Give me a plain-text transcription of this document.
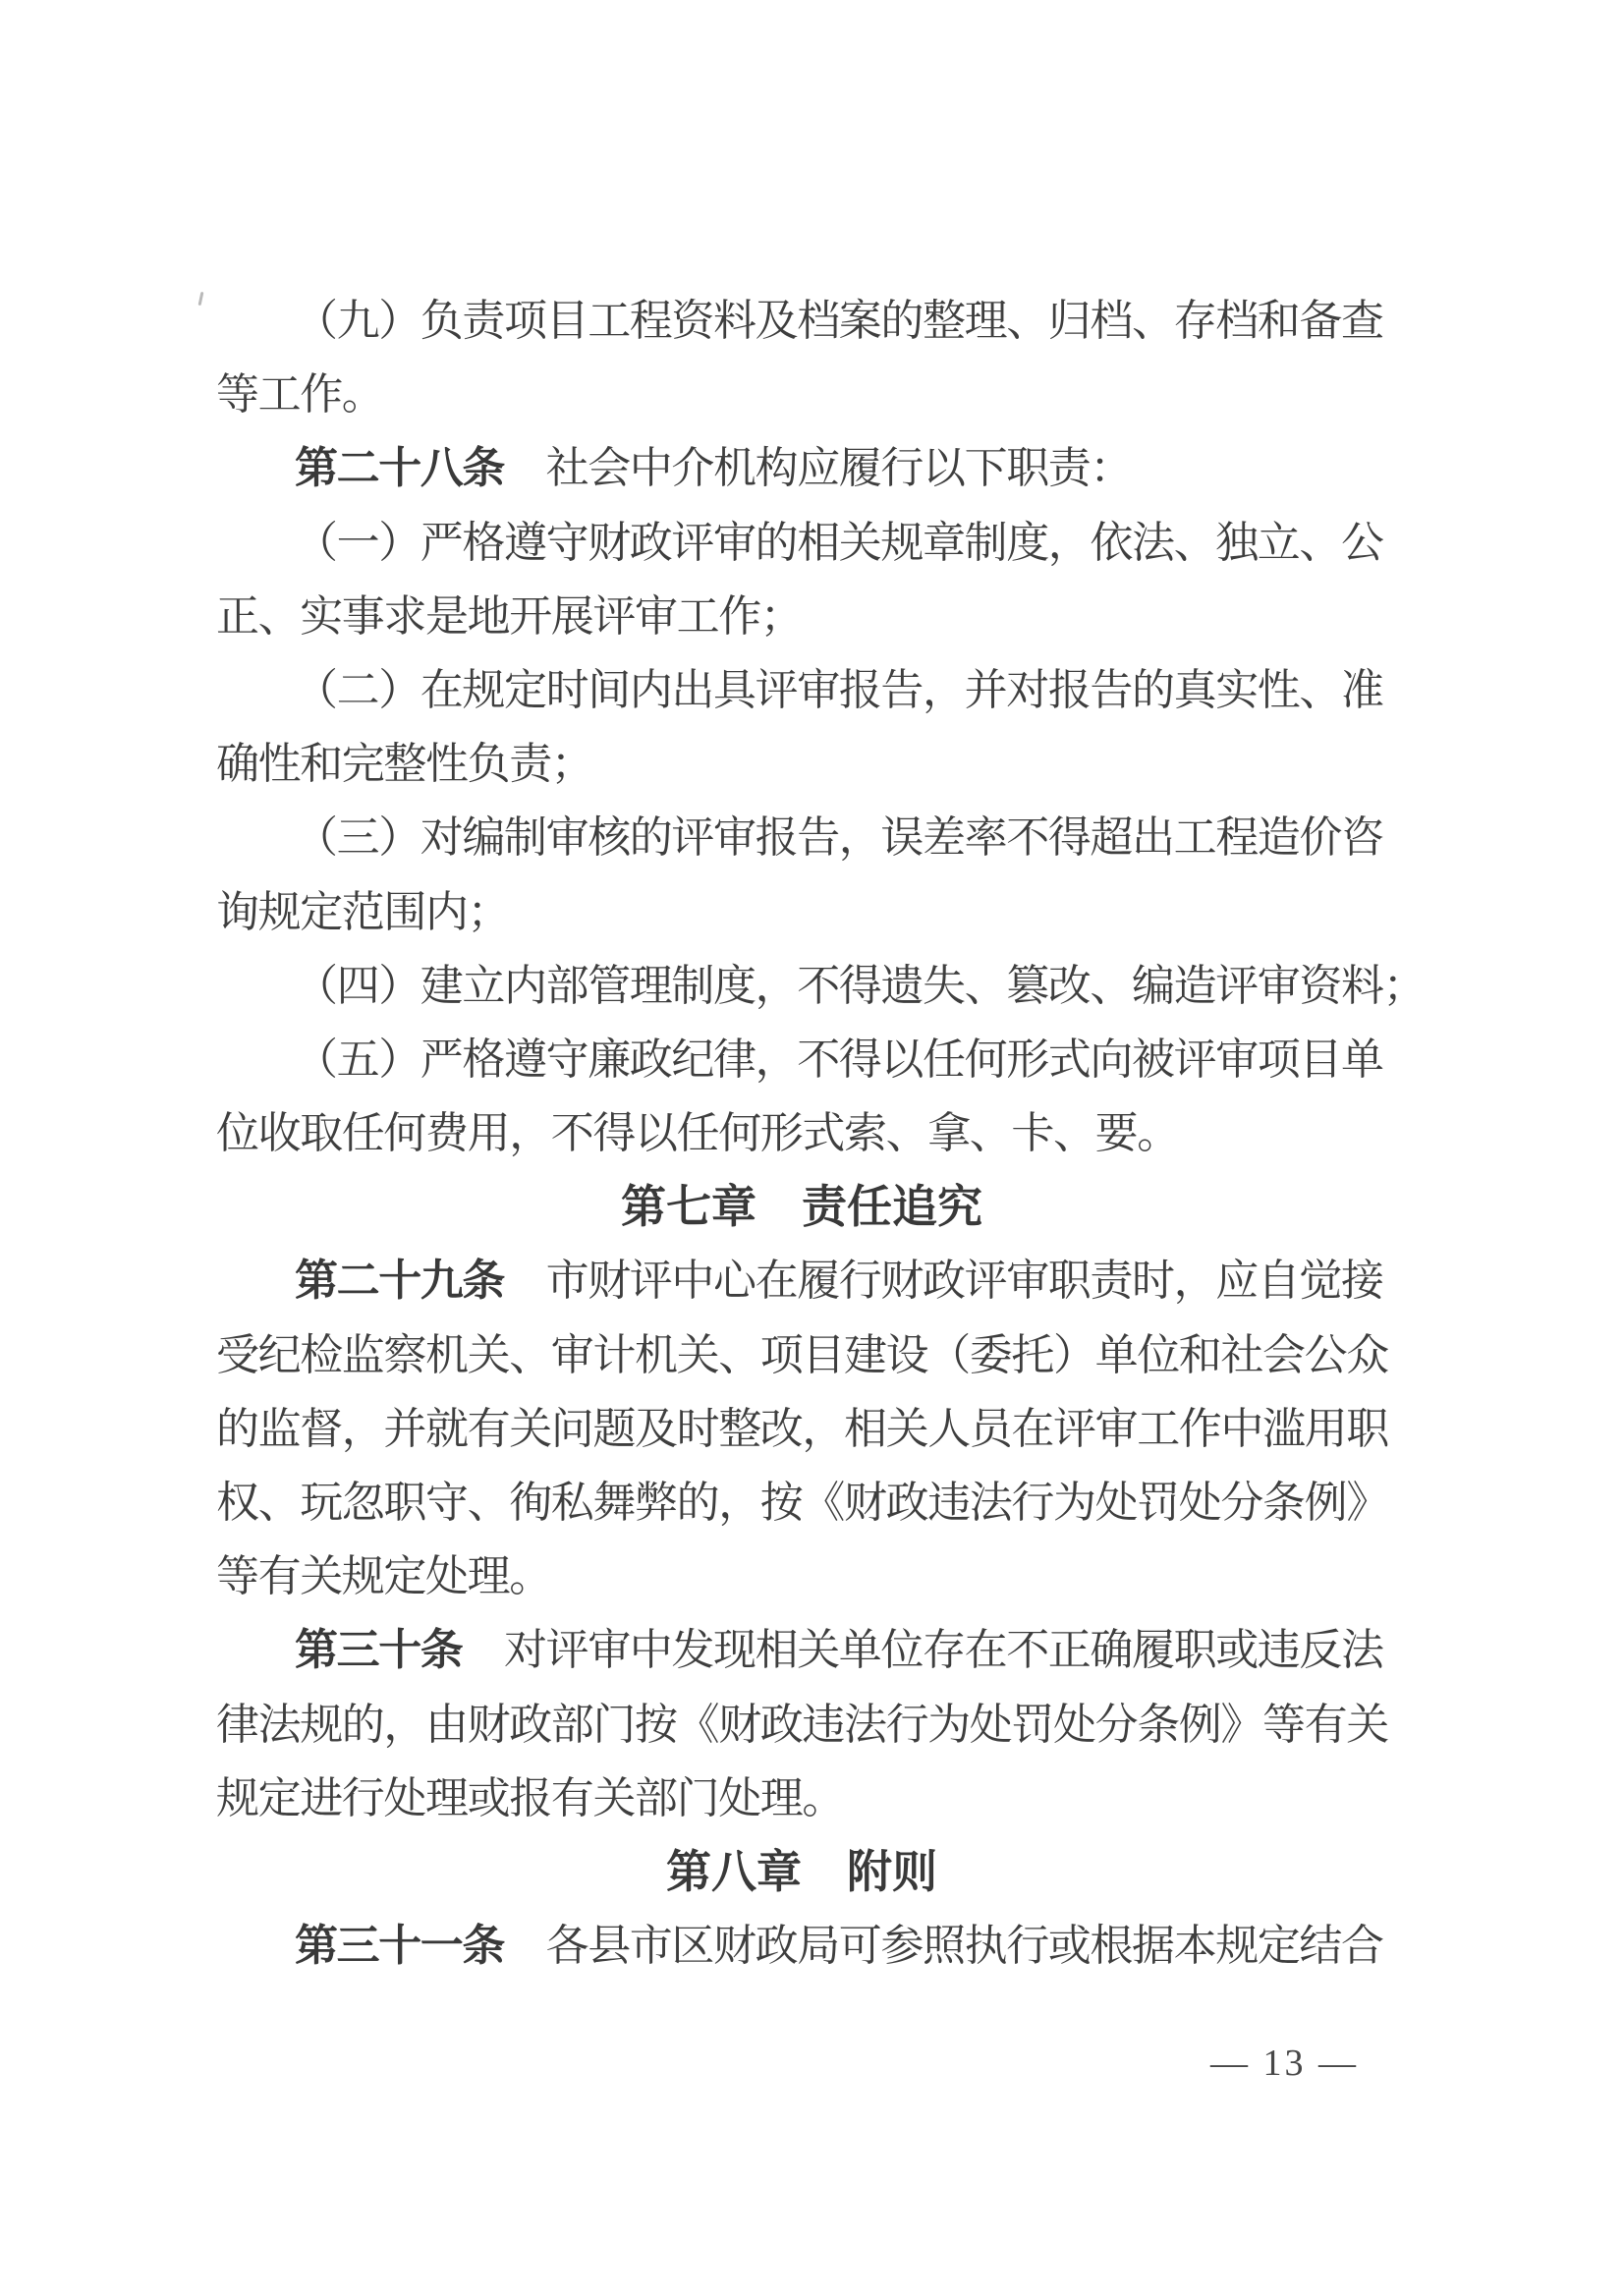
（九）负责项目工程资料及档案的整理、归档、存档和备查
等工作。
第二十八条　社会中介机构应履行以下职责：
（一）严格遵守财政评审的相关规章制度，依法、独立、公
正、实事求是地开展评审工作；
（二）在规定时间内出具评审报告，并对报告的真实性、准
确性和完整性负责；
（三）对编制审核的评审报告，误差率不得超出工程造价咨
询规定范围内；
（四）建立内部管理制度，不得遗失、篡改、编造评审资料；
（五）严格遵守廉政纪律，不得以任何形式向被评审项目单
位收取任何费用，不得以任何形式索、拿、卡、要。
第七章　责任追究
第二十九条　市财评中心在履行财政评审职责时，应自觉接
受纪检监察机关、审计机关、项目建设（委托）单位和社会公众
的监督，并就有关问题及时整改，相关人员在评审工作中滥用职
权、玩忽职守、徇私舞弊的，按《财政违法行为处罚处分条例》
等有关规定处理。
第三十条　对评审中发现相关单位存在不正确履职或违反法
律法规的，由财政部门按《财政违法行为处罚处分条例》等有关
规定进行处理或报有关部门处理。
第八章　附则
第三十一条　各县市区财政局可参照执行或根据本规定结合
— 13 —
